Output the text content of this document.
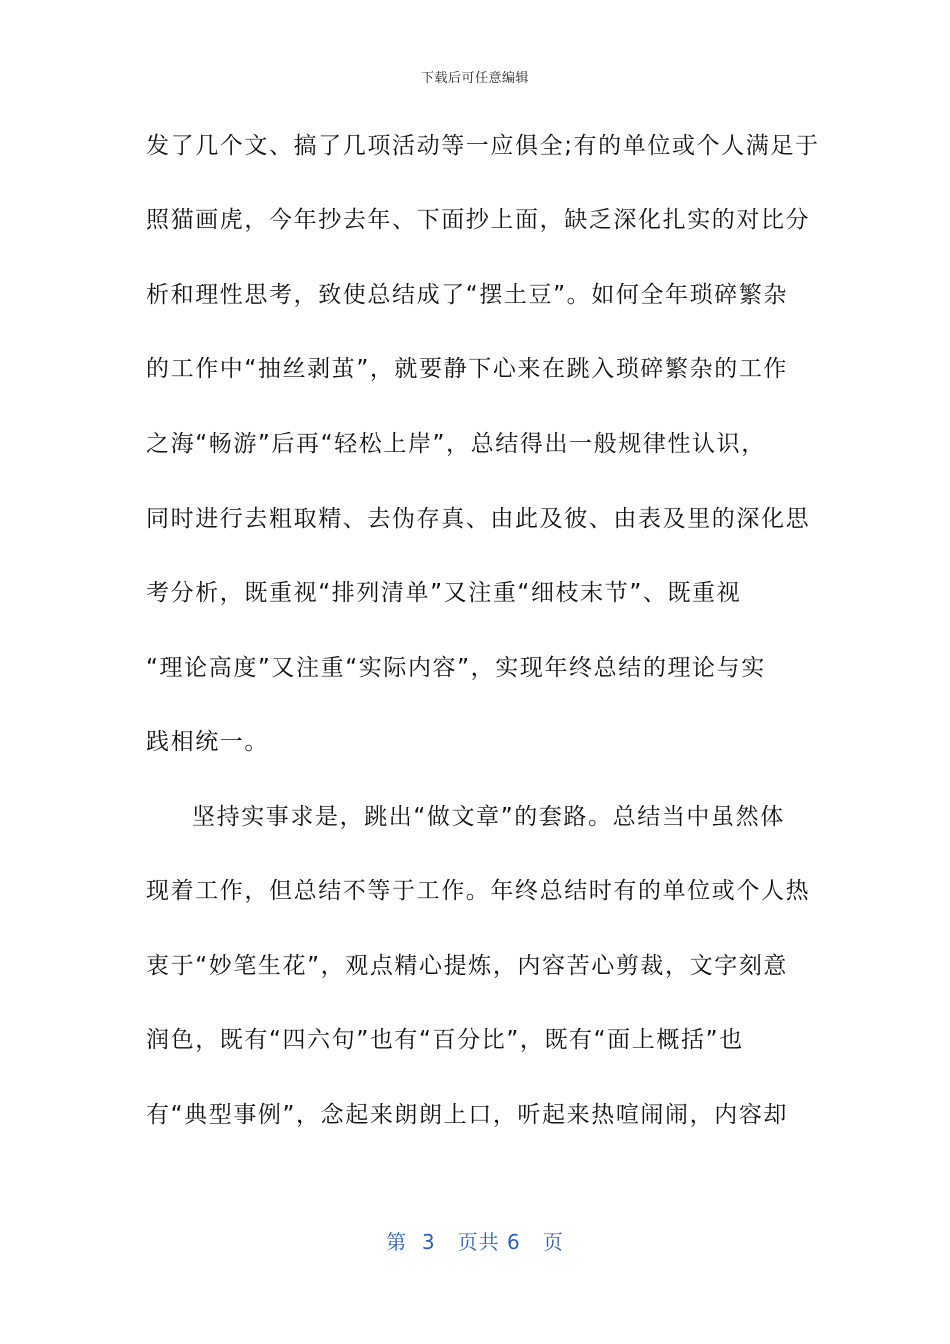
下载后可任意编辑
发了几个文、搞了几项活动等一应俱全;有的单位或个人满足于
照猫画虎，今年抄去年、下面抄上面，缺乏深化扎实的对比分
析和理性思考，致使总结成了“摆土豆”。如何全年琐碎繁杂
的工作中“抽丝剥茧”，就要静下心来在跳入琐碎繁杂的工作
之海“畅游”后再“轻松上岸”，总结得出一般规律性认识，
同时进行去粗取精、去伪存真、由此及彼、由表及里的深化思
考分析，既重视“排列清单”又注重“细枝末节”、既重视
“理论高度”又注重“实际内容”，实现年终总结的理论与实
践相统一。
坚持实事求是，跳出“做文章”的套路。总结当中虽然体
现着工作，但总结不等于工作。年终总结时有的单位或个人热
衷于“妙笔生花”，观点精心提炼，内容苦心剪裁，文字刻意
润色，既有“四六句”也有“百分比”，既有“面上概括”也
有“典型事例”，念起来朗朗上口，听起来热喧闹闹，内容却
第  3   页共 6   页
